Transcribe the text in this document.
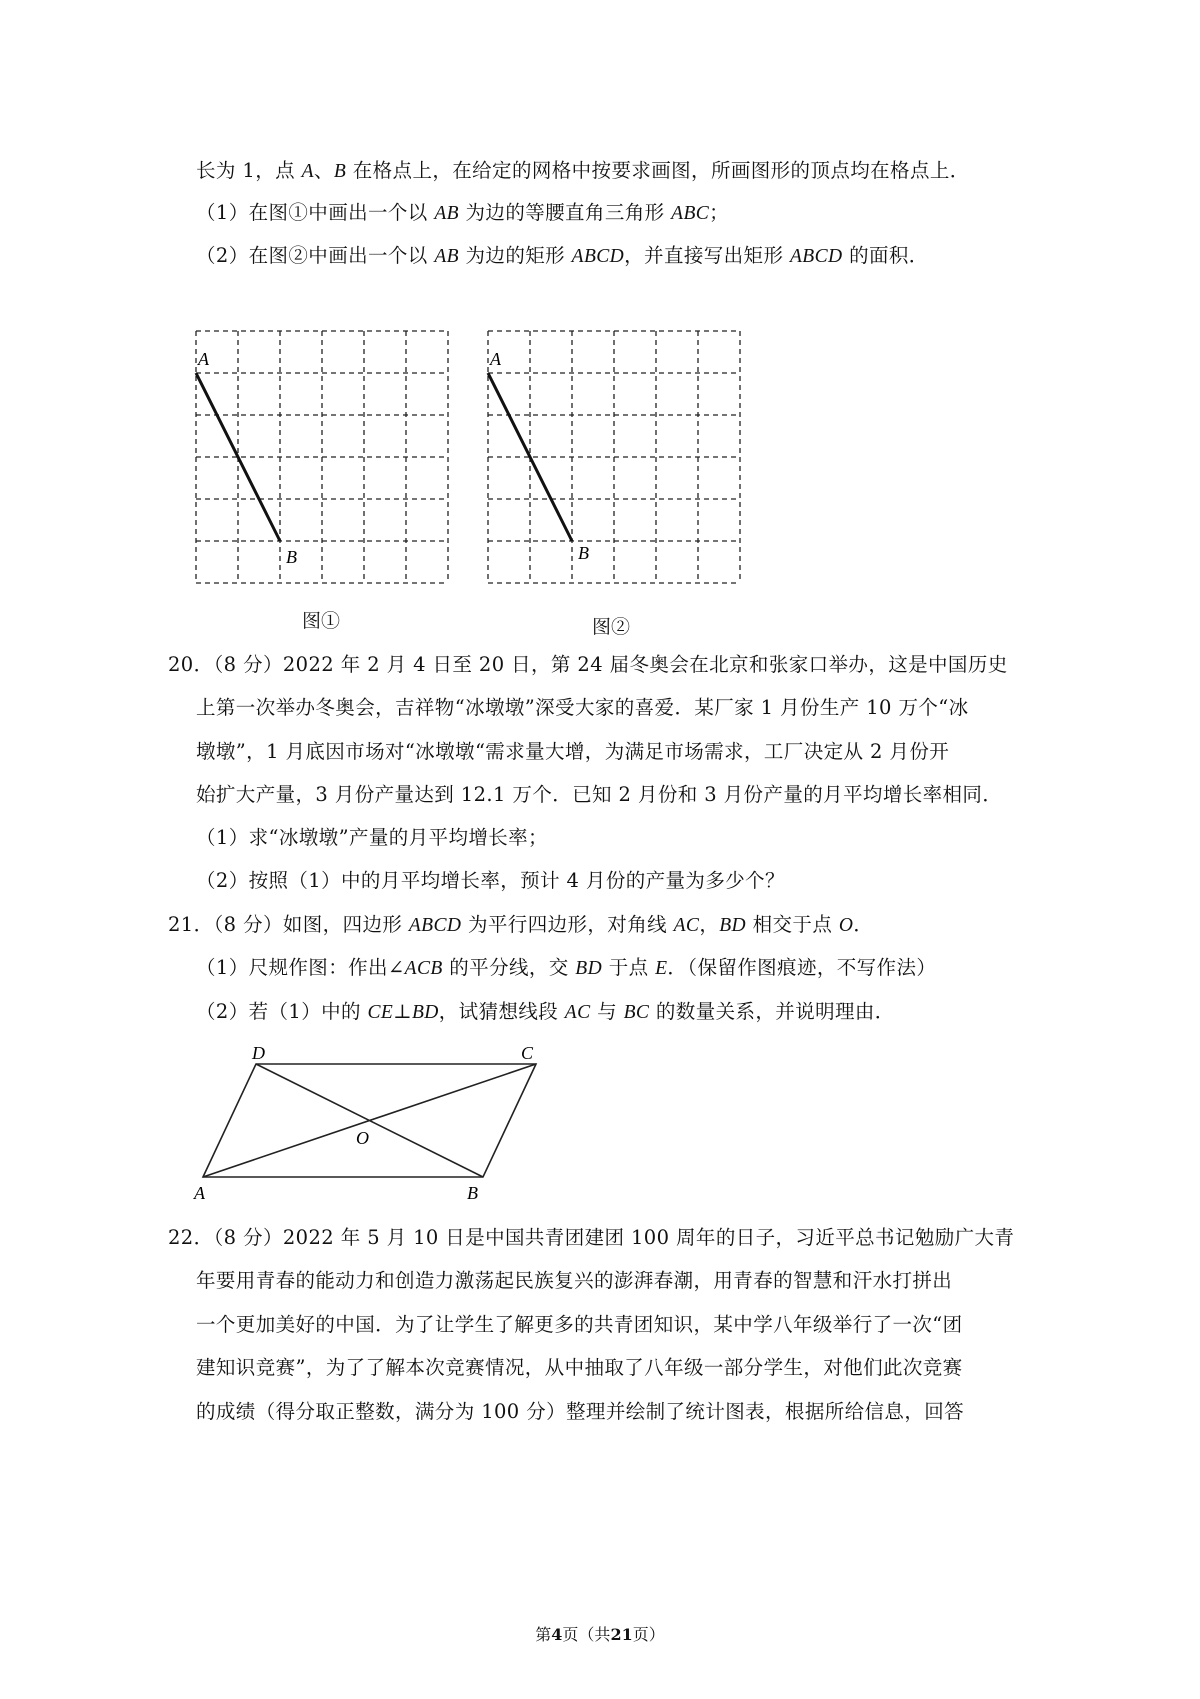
长为 1，点 A、B 在格点上，在给定的网格中按要求画图，所画图形的顶点均在格点上．
（1）在图①中画出一个以 AB 为边的等腰直角三角形 ABC；
（2）在图②中画出一个以 AB 为边的矩形 ABCD，并直接写出矩形 ABCD 的面积．
A
B
图①
A
B
图②
20．（8 分）2022 年 2 月 4 日至 20 日，第 24 届冬奥会在北京和张家口举办，这是中国历史
上第一次举办冬奥会，吉祥物“冰墩墩”深受大家的喜爱．某厂家 1 月份生产 10 万个“冰
墩墩”，1 月底因市场对“冰墩墩“需求量大增，为满足市场需求，工厂决定从 2 月份开
始扩大产量，3 月份产量达到 12.1 万个．已知 2 月份和 3 月份产量的月平均增长率相同．
（1）求“冰墩墩”产量的月平均增长率；
（2）按照（1）中的月平均增长率，预计 4 月份的产量为多少个？
21．（8 分）如图，四边形 ABCD 为平行四边形，对角线 AC，BD 相交于点 O．
（1）尺规作图：作出∠ACB 的平分线，交 BD 于点 E．（保留作图痕迹，不写作法）
（2）若（1）中的 CE⊥BD，试猜想线段 AC 与 BC 的数量关系，并说明理由．
D	C
O
A	B
22．（8 分）2022 年 5 月 10 日是中国共青团建团 100 周年的日子，习近平总书记勉励广大青
年要用青春的能动力和创造力激荡起民族复兴的澎湃春潮，用青春的智慧和汗水打拼出
一个更加美好的中国．为了让学生了解更多的共青团知识，某中学八年级举行了一次“团
建知识竞赛”，为了了解本次竞赛情况，从中抽取了八年级一部分学生，对他们此次竞赛
的成绩（得分取正整数，满分为 100 分）整理并绘制了统计图表，根据所给信息，回答
第4页（共21页）
